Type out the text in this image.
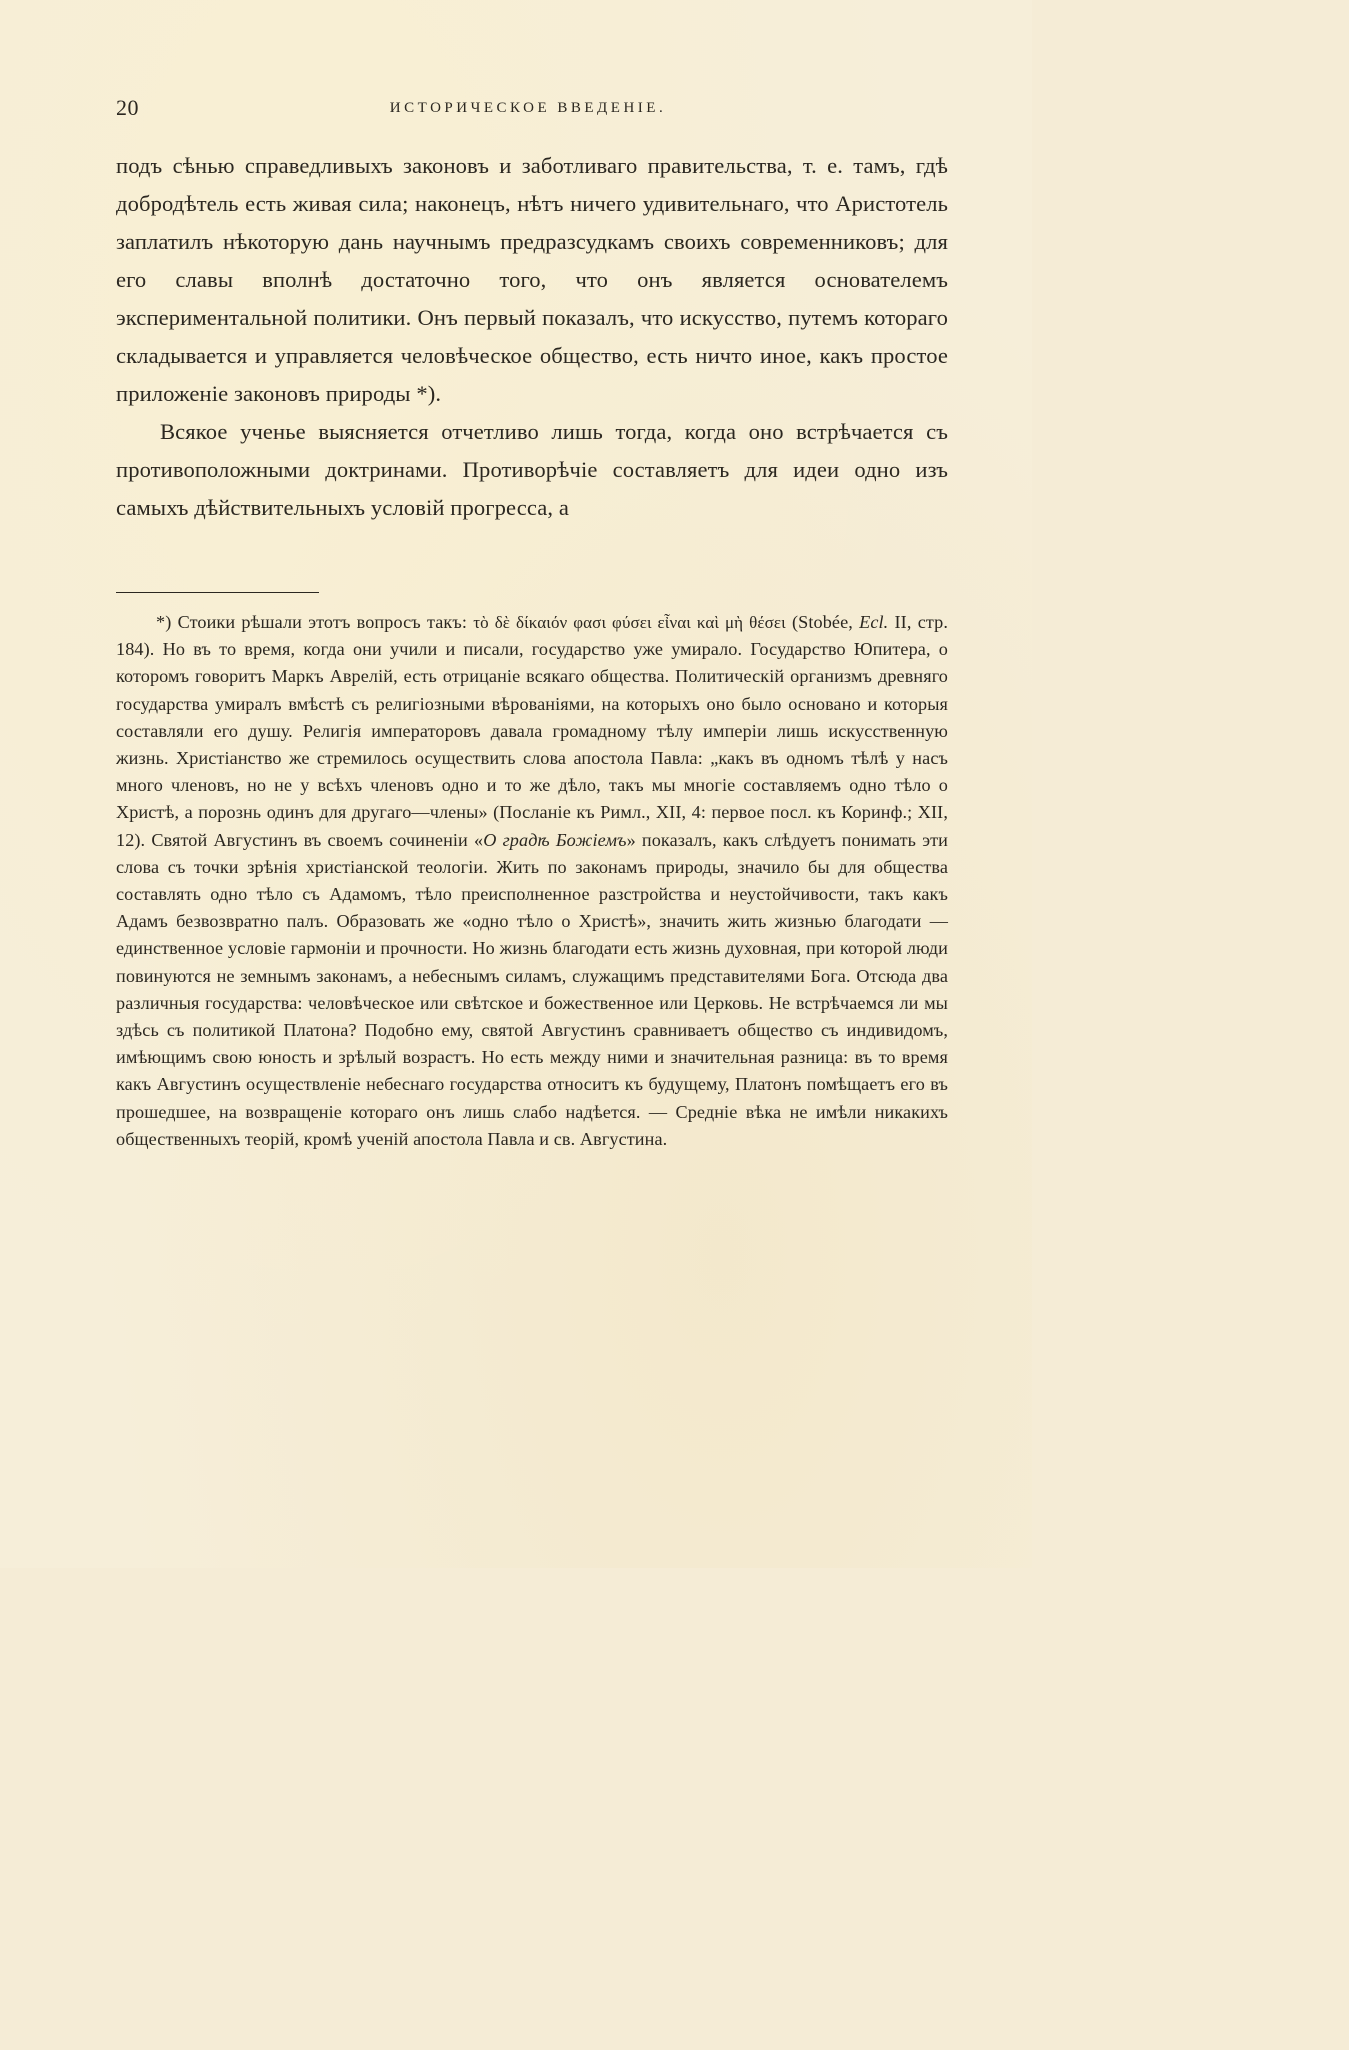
20	ИСТОРИЧЕСКОЕ ВВЕДЕНІЕ.

подъ сѣнью справедливыхъ законовъ и заботливаго правительства, т. е. тамъ, гдѣ добродѣтель есть живая сила; наконецъ, нѣтъ ничего удивительнаго, что Аристотель заплатилъ нѣкоторую дань научнымъ предразсудкамъ своихъ современниковъ; для его славы вполнѣ достаточно того, что онъ является основателемъ экспериментальной политики. Онъ первый показалъ, что искусство, путемъ котораго складывается и управляется человѣческое общество, есть ничто иное, какъ простое приложеніе законовъ природы *).

Всякое ученье выясняется отчетливо лишь тогда, когда оно встрѣчается съ противоположными доктринами. Противорѣчіе составляетъ для идеи одно изъ самыхъ дѣйствительныхъ условій прогресса, а

*) Стоики рѣшали этотъ вопросъ такъ: τὸ δὲ δίκαιόν φασι φύσει εἶναι καὶ μὴ θέσει (Stobée, Ecl. II, стр. 184). Но въ то время, когда они учили и писали, государство уже умирало. Государство Юпитера, о которомъ говоритъ Маркъ Аврелій, есть отрицаніе всякаго общества. Политическій организмъ древняго государства умиралъ вмѣстѣ съ религіозными вѣрованіями, на которыхъ оно было основано и которыя составляли его душу. Религія императоровъ давала громадному тѣлу имперіи лишь искусственную жизнь. Христіанство же стремилось осуществить слова апостола Павла: „какъ въ одномъ тѣлѣ у насъ много членовъ, но не у всѣхъ членовъ одно и то же дѣло, такъ мы многіе составляемъ одно тѣло о Христѣ, а порознь одинъ для другаго—члены» (Посланіе къ Римл., XII, 4: первое посл. къ Коринф.; XII, 12). Святой Августинъ въ своемъ сочиненіи «О градѣ Божіемъ» показалъ, какъ слѣдуетъ понимать эти слова съ точки зрѣнія христіанской теологіи. Жить по законамъ природы, значило бы для общества составлять одно тѣло съ Адамомъ, тѣло преисполненное разстройства и неустойчивости, такъ какъ Адамъ безвозвратно палъ. Образовать же «одно тѣло о Христѣ», значить жить жизнью благодати — единственное условіе гармоніи и прочности. Но жизнь благодати есть жизнь духовная, при которой люди повинуются не земнымъ законамъ, а небеснымъ силамъ, служащимъ представителями Бога. Отсюда два различныя государства: человѣческое или свѣтское и божественное или Церковь. Не встрѣчаемся ли мы здѣсь съ политикой Платона? Подобно ему, святой Августинъ сравниваетъ общество съ индивидомъ, имѣющимъ свою юность и зрѣлый возрастъ. Но есть между ними и значительная разница: въ то время какъ Августинъ осуществленіе небеснаго государства относитъ къ будущему, Платонъ помѣщаетъ его въ прошедшее, на возвращеніе котораго онъ лишь слабо надѣется. — Средніе вѣка не имѣли никакихъ общественныхъ теорій, кромѣ ученій апостола Павла и св. Августина.
